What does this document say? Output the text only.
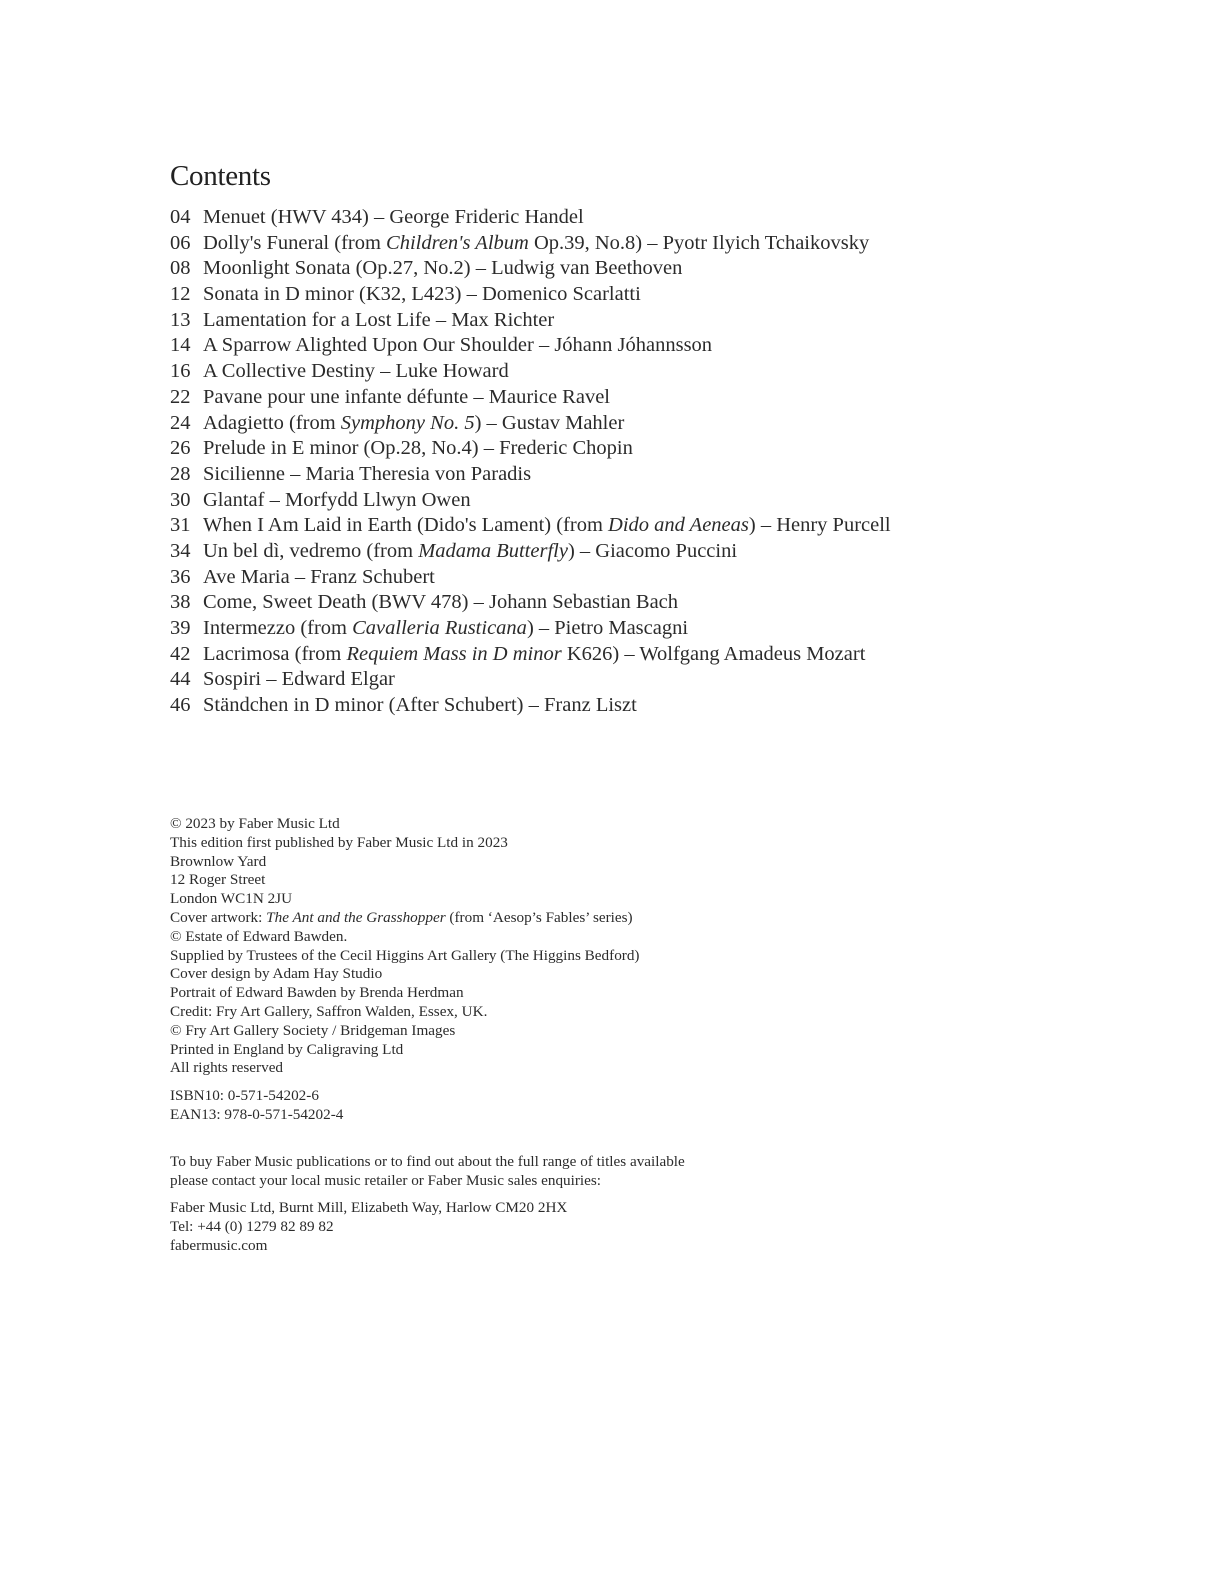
Contents
04 Menuet (HWV 434) – George Frideric Handel
06 Dolly's Funeral (from Children's Album Op.39, No.8) – Pyotr Ilyich Tchaikovsky
08 Moonlight Sonata (Op.27, No.2) – Ludwig van Beethoven
12 Sonata in D minor (K32, L423) – Domenico Scarlatti
13 Lamentation for a Lost Life – Max Richter
14 A Sparrow Alighted Upon Our Shoulder – Jóhann Jóhannsson
16 A Collective Destiny – Luke Howard
22 Pavane pour une infante défunte – Maurice Ravel
24 Adagietto (from Symphony No. 5) – Gustav Mahler
26 Prelude in E minor (Op.28, No.4) – Frederic Chopin
28 Sicilienne – Maria Theresia von Paradis
30 Glantaf – Morfydd Llwyn Owen
31 When I Am Laid in Earth (Dido's Lament) (from Dido and Aeneas) – Henry Purcell
34 Un bel dì, vedremo (from Madama Butterfly) – Giacomo Puccini
36 Ave Maria – Franz Schubert
38 Come, Sweet Death (BWV 478) – Johann Sebastian Bach
39 Intermezzo (from Cavalleria Rusticana) – Pietro Mascagni
42 Lacrimosa (from Requiem Mass in D minor K626) – Wolfgang Amadeus Mozart
44 Sospiri – Edward Elgar
46 Ständchen in D minor (After Schubert) – Franz Liszt
© 2023 by Faber Music Ltd
This edition first published by Faber Music Ltd in 2023
Brownlow Yard
12 Roger Street
London WC1N 2JU
Cover artwork: The Ant and the Grasshopper (from ‘Aesop’s Fables’ series)
© Estate of Edward Bawden.
Supplied by Trustees of the Cecil Higgins Art Gallery (The Higgins Bedford)
Cover design by Adam Hay Studio
Portrait of Edward Bawden by Brenda Herdman
Credit: Fry Art Gallery, Saffron Walden, Essex, UK.
© Fry Art Gallery Society / Bridgeman Images
Printed in England by Caligraving Ltd
All rights reserved
ISBN10: 0-571-54202-6
EAN13: 978-0-571-54202-4
To buy Faber Music publications or to find out about the full range of titles available
please contact your local music retailer or Faber Music sales enquiries:
Faber Music Ltd, Burnt Mill, Elizabeth Way, Harlow CM20 2HX
Tel: +44 (0) 1279 82 89 82
fabermusic.com
